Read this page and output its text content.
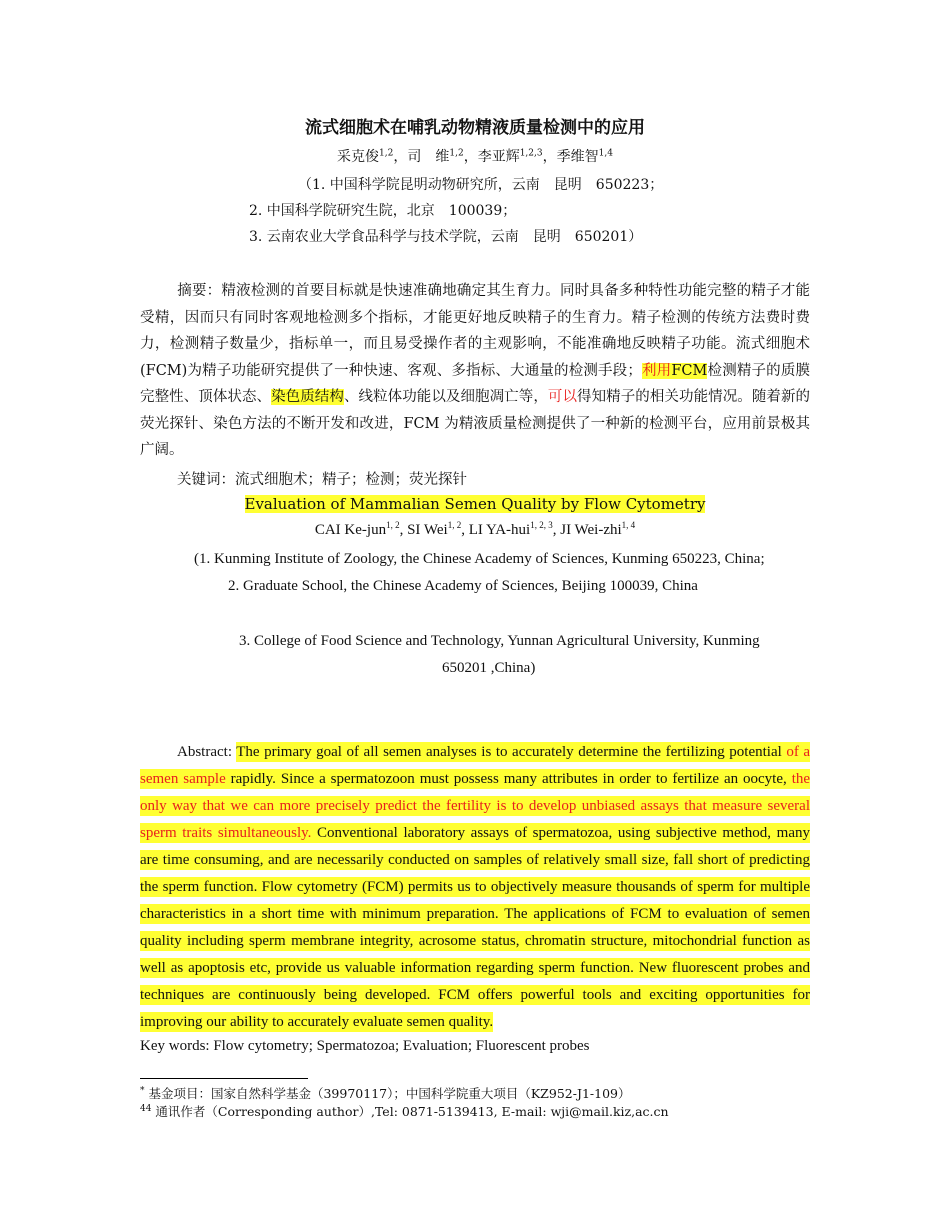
流式细胞术在哺乳动物精液质量检测中的应用
采克俊$^{1,2}$，司　维$^{1,2}$，李亚辉$^{1,2,3}$，季维智$^{1,4}$
（1. 中国科学院昆明动物研究所，云南　昆明　650223；
2. 中国科学院研究生院，北京　100039；
3. 云南农业大学食品科学与技术学院，云南　昆明　650201）
摘要：精液检测的首要目标就是快速准确地确定其生育力。同时具备多种特性功能完整的精子才能受精，因而只有同时客观地检测多个指标，才能更好地反映精子的生育力。精子检测的传统方法费时费力，检测精子数量少，指标单一，而且易受操作者的主观影响，不能准确地反映精子功能。流式细胞术(FCM)为精子功能研究提供了一种快速、客观、多指标、大通量的检测手段；利用FCM检测精子的质膜完整性、顶体状态、染色质结构、线粒体功能以及细胞凋亡等，可以得知精子的相关功能情况。随着新的荧光探针、染色方法的不断开发和改进，FCM 为精液质量检测提供了一种新的检测平台，应用前景极其广阔。
关键词：流式细胞术；精子；检测；荧光探针
Evaluation of Mammalian Semen Quality by Flow Cytometry
CAI Ke-jun$^{1, 2}$, SI Wei$^{1, 2}$, LI YA-hui$^{1, 2, 3}$, JI Wei-zhi$^{1, 4}$
(1. Kunming Institute of Zoology, the Chinese Academy of Sciences, Kunming 650223, China;
2. Graduate School, the Chinese Academy of Sciences, Beijing 100039, China
3. College of Food Science and Technology, Yunnan Agricultural University, Kunming
650201 ,China)
Abstract: The primary goal of all semen analyses is to accurately determine the fertilizing potential of a semen sample rapidly. Since a spermatozoon must possess many attributes in order to fertilize an oocyte, the only way that we can more precisely predict the fertility is to develop unbiased assays that measure several sperm traits simultaneously. Conventional laboratory assays of spermatozoa, using subjective method, many are time consuming, and are necessarily conducted on samples of relatively small size, fall short of predicting the sperm function. Flow cytometry (FCM) permits us to objectively measure thousands of sperm for multiple characteristics in a short time with minimum preparation. The applications of FCM to evaluation of semen quality including sperm membrane integrity, acrosome status, chromatin structure, mitochondrial function as well as apoptosis etc, provide us valuable information regarding sperm function. New fluorescent probes and techniques are continuously being developed. FCM offers powerful tools and exciting opportunities for improving our ability to accurately evaluate semen quality.
Key words: Flow cytometry; Spermatozoa; Evaluation; Fluorescent probes
* 基金项目：国家自然科学基金（39970117）；中国科学院重大项目（KZ952-J1-109）
$^{44}$ 通讯作者（Corresponding author）,Tel: 0871-5139413, E-mail: wji@mail.kiz,ac.cn
